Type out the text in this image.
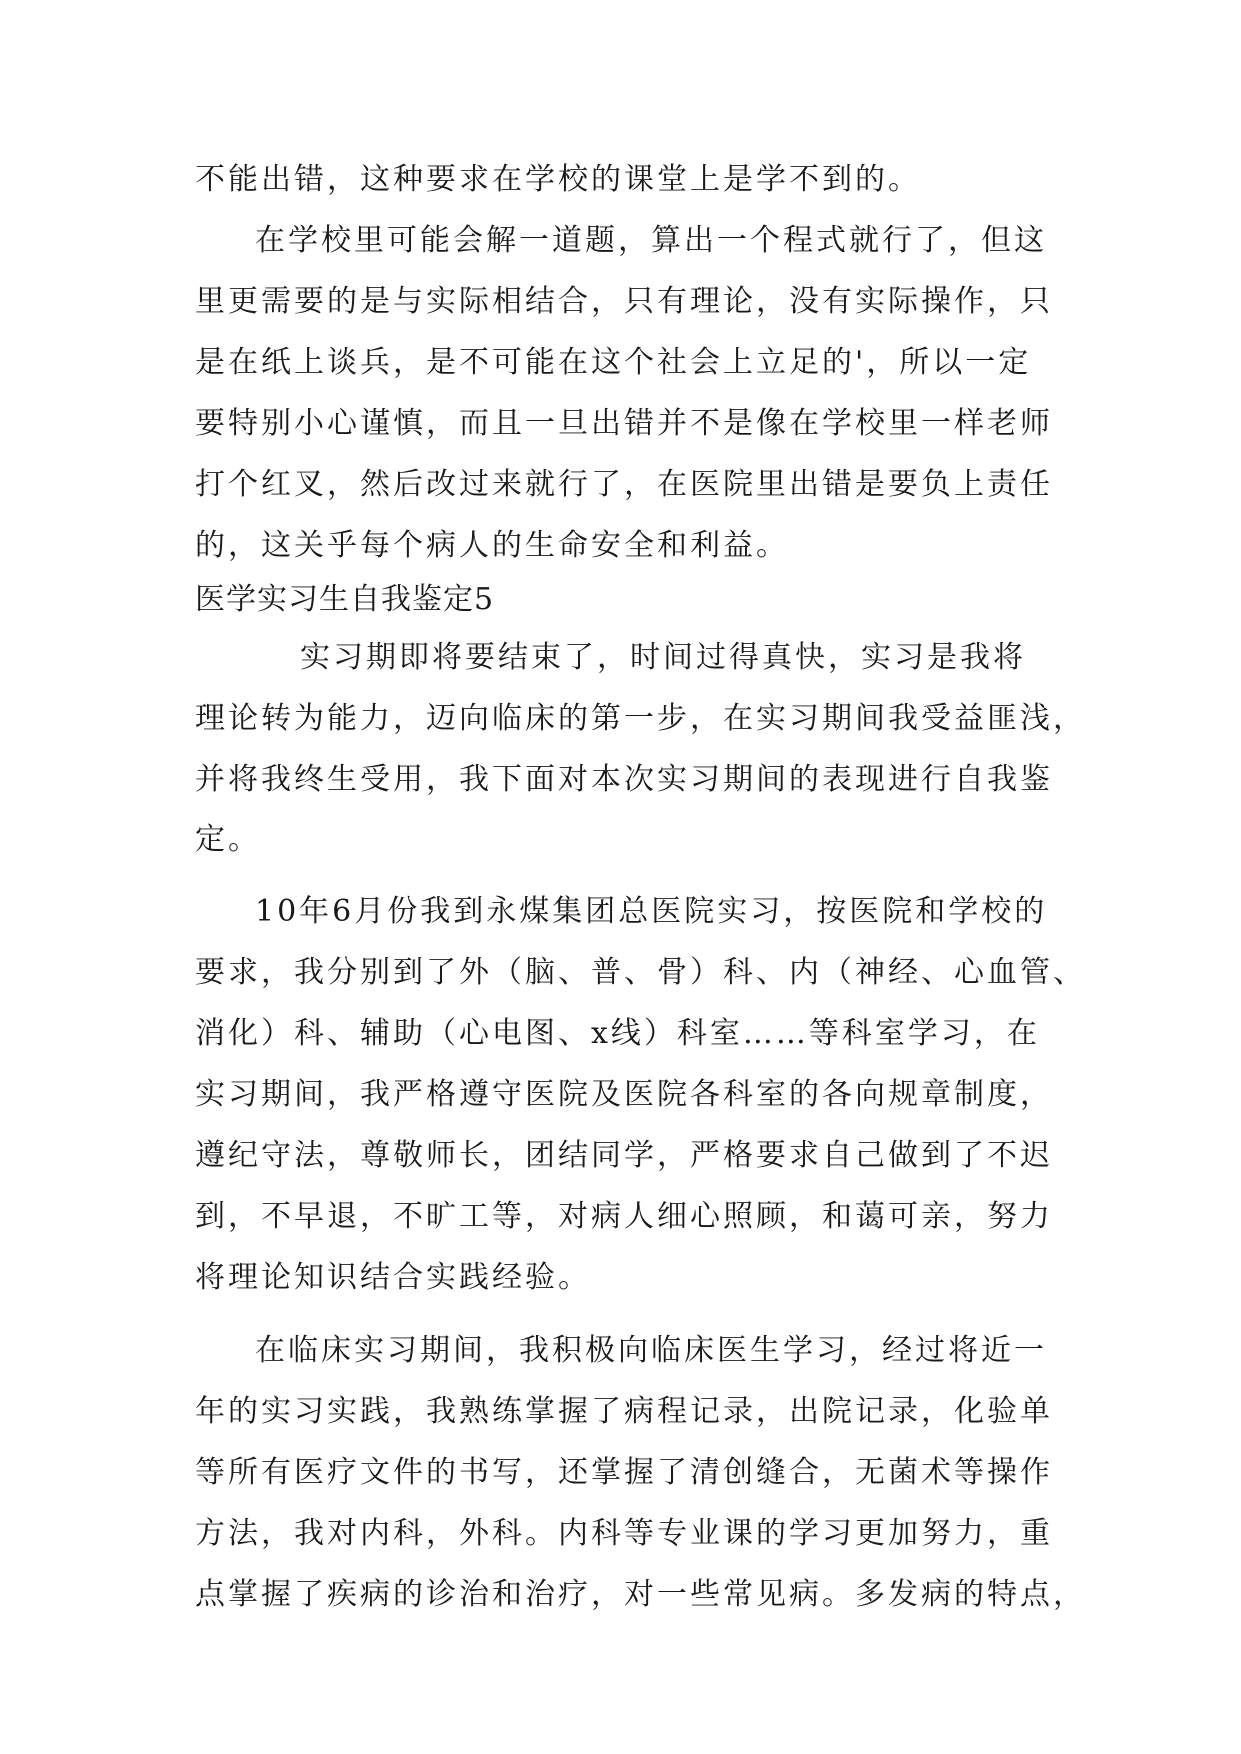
不能出错，这种要求在学校的课堂上是学不到的。
在学校里可能会解一道题，算出一个程式就行了，但这
里更需要的是与实际相结合，只有理论，没有实际操作，只
是在纸上谈兵，是不可能在这个社会上立足的'，所以一定
要特别小心谨慎，而且一旦出错并不是像在学校里一样老师
打个红叉，然后改过来就行了，在医院里出错是要负上责任
的，这关乎每个病人的生命安全和利益。
医学实习生自我鉴定5
实习期即将要结束了，时间过得真快，实习是我将
理论转为能力，迈向临床的第一步，在实习期间我受益匪浅，
并将我终生受用，我下面对本次实习期间的表现进行自我鉴
定。
10年6月份我到永煤集团总医院实习，按医院和学校的
要求，我分别到了外（脑、普、骨）科、内（神经、心血管、
消化）科、辅助（心电图、x线）科室……等科室学习，在
实习期间，我严格遵守医院及医院各科室的各向规章制度，
遵纪守法，尊敬师长，团结同学，严格要求自己做到了不迟
到，不早退，不旷工等，对病人细心照顾，和蔼可亲，努力
将理论知识结合实践经验。
在临床实习期间，我积极向临床医生学习，经过将近一
年的实习实践，我熟练掌握了病程记录，出院记录，化验单
等所有医疗文件的书写，还掌握了清创缝合，无菌术等操作
方法，我对内科，外科。内科等专业课的学习更加努力，重
点掌握了疾病的诊治和治疗，对一些常见病。多发病的特点，
